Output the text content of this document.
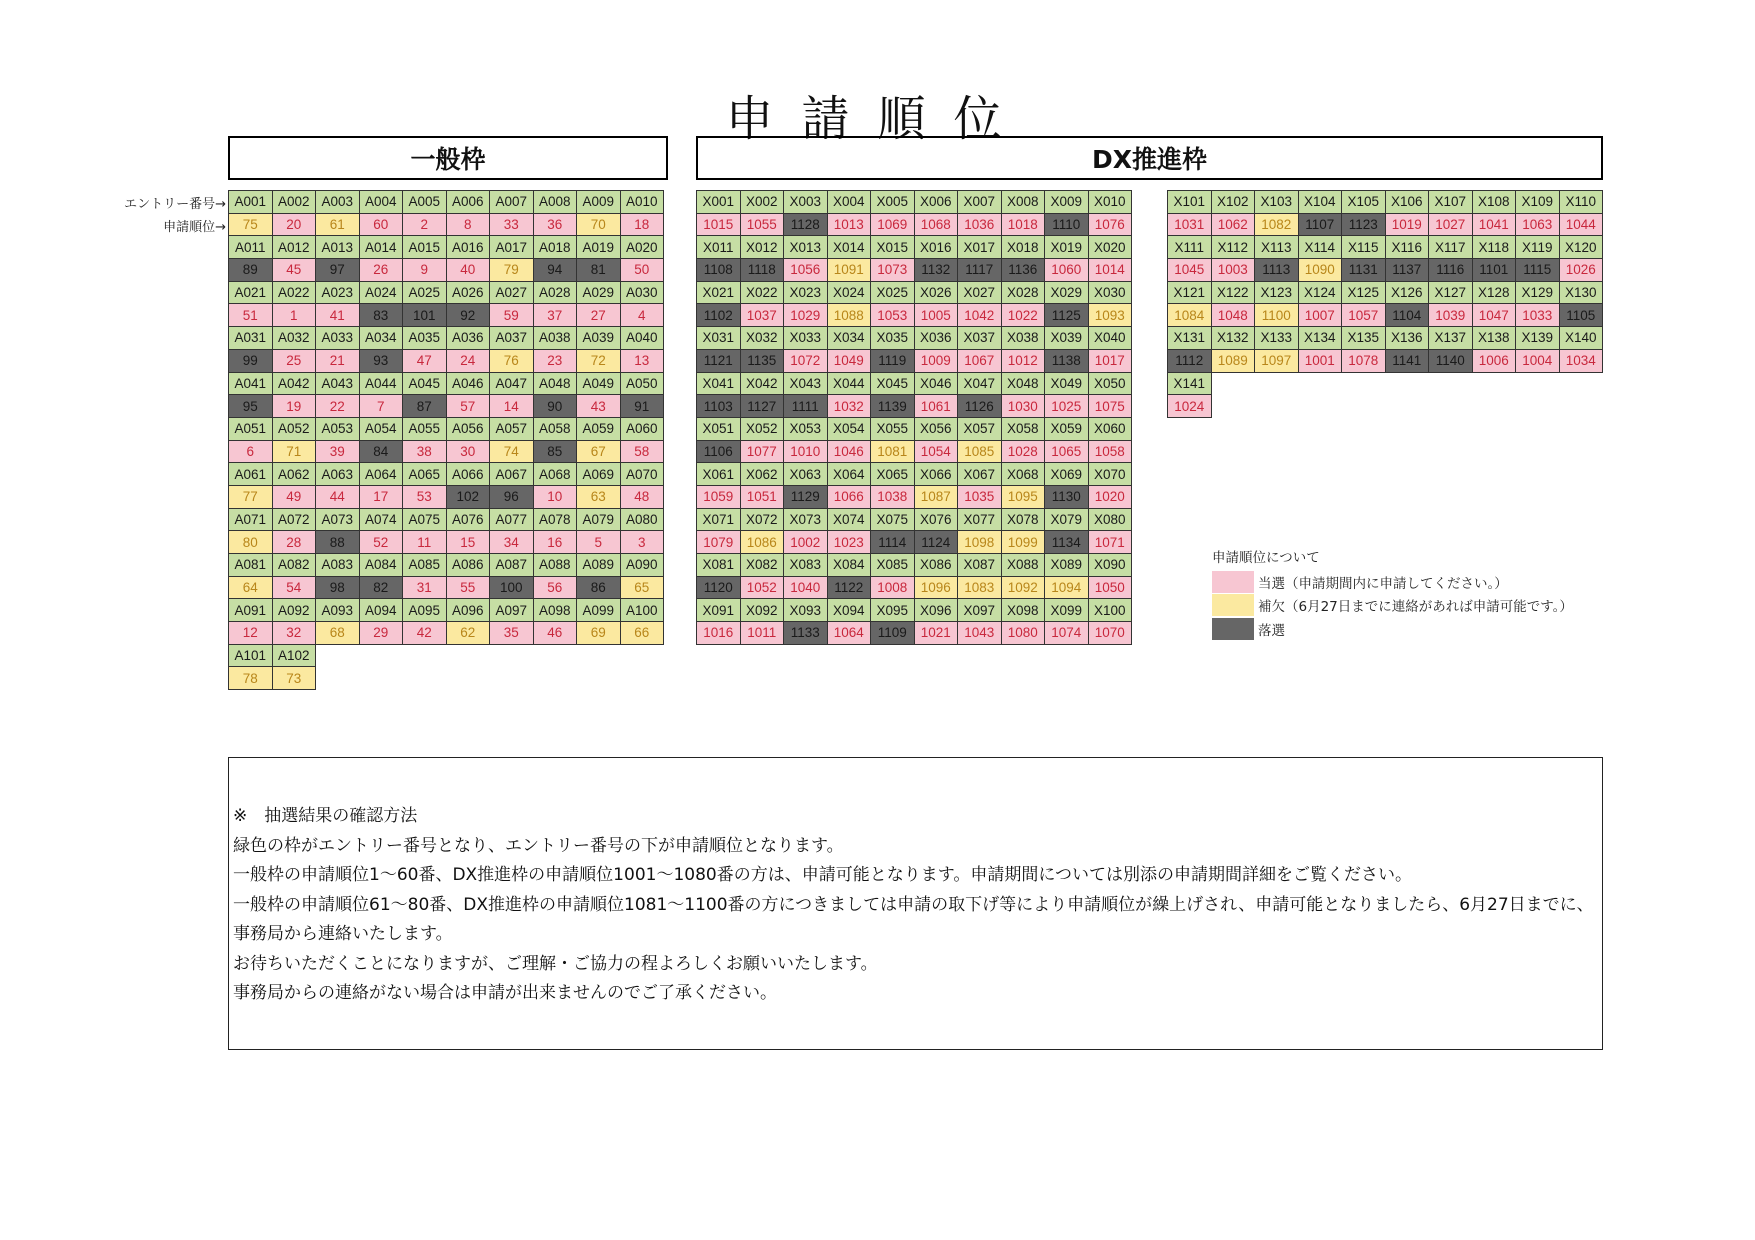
申請順位
一般枠	DX推進枠
エントリー番号→
申請順位→
A001	A002	A003	A004	A005	A006	A007	A008	A009	A010
75	20	61	60	2	8	33	36	70	18
A011	A012	A013	A014	A015	A016	A017	A018	A019	A020
89	45	97	26	9	40	79	94	81	50
A021	A022	A023	A024	A025	A026	A027	A028	A029	A030
51	1	41	83	101	92	59	37	27	4
A031	A032	A033	A034	A035	A036	A037	A038	A039	A040
99	25	21	93	47	24	76	23	72	13
A041	A042	A043	A044	A045	A046	A047	A048	A049	A050
95	19	22	7	87	57	14	90	43	91
A051	A052	A053	A054	A055	A056	A057	A058	A059	A060
6	71	39	84	38	30	74	85	67	58
A061	A062	A063	A064	A065	A066	A067	A068	A069	A070
77	49	44	17	53	102	96	10	63	48
A071	A072	A073	A074	A075	A076	A077	A078	A079	A080
80	28	88	52	11	15	34	16	5	3
A081	A082	A083	A084	A085	A086	A087	A088	A089	A090
64	54	98	82	31	55	100	56	86	65
A091	A092	A093	A094	A095	A096	A097	A098	A099	A100
12	32	68	29	42	62	35	46	69	66
A101	A102								
78	73								
X001	X002	X003	X004	X005	X006	X007	X008	X009	X010
1015	1055	1128	1013	1069	1068	1036	1018	1110	1076
X011	X012	X013	X014	X015	X016	X017	X018	X019	X020
1108	1118	1056	1091	1073	1132	1117	1136	1060	1014
X021	X022	X023	X024	X025	X026	X027	X028	X029	X030
1102	1037	1029	1088	1053	1005	1042	1022	1125	1093
X031	X032	X033	X034	X035	X036	X037	X038	X039	X040
1121	1135	1072	1049	1119	1009	1067	1012	1138	1017
X041	X042	X043	X044	X045	X046	X047	X048	X049	X050
1103	1127	1111	1032	1139	1061	1126	1030	1025	1075
X051	X052	X053	X054	X055	X056	X057	X058	X059	X060
1106	1077	1010	1046	1081	1054	1085	1028	1065	1058
X061	X062	X063	X064	X065	X066	X067	X068	X069	X070
1059	1051	1129	1066	1038	1087	1035	1095	1130	1020
X071	X072	X073	X074	X075	X076	X077	X078	X079	X080
1079	1086	1002	1023	1114	1124	1098	1099	1134	1071
X081	X082	X083	X084	X085	X086	X087	X088	X089	X090
1120	1052	1040	1122	1008	1096	1083	1092	1094	1050
X091	X092	X093	X094	X095	X096	X097	X098	X099	X100
1016	1011	1133	1064	1109	1021	1043	1080	1074	1070
X101	X102	X103	X104	X105	X106	X107	X108	X109	X110
1031	1062	1082	1107	1123	1019	1027	1041	1063	1044
X111	X112	X113	X114	X115	X116	X117	X118	X119	X120
1045	1003	1113	1090	1131	1137	1116	1101	1115	1026
X121	X122	X123	X124	X125	X126	X127	X128	X129	X130
1084	1048	1100	1007	1057	1104	1039	1047	1033	1105
X131	X132	X133	X134	X135	X136	X137	X138	X139	X140
1112	1089	1097	1001	1078	1141	1140	1006	1004	1034
X141									
1024									
申請順位について
当選（申請期間内に申請してください。）
補欠（6月27日までに連絡があれば申請可能です。）
落選

※　抽選結果の確認方法

緑色の枠がエントリー番号となり、エントリー番号の下が申請順位となります。

一般枠の申請順位1～60番、DX推進枠の申請順位1001～1080番の方は、申請可能となります。申請期間については別添の申請期間詳細をご覧ください。

一般枠の申請順位61～80番、DX推進枠の申請順位1081～1100番の方につきましては申請の取下げ等により申請順位が繰上げされ、申請可能となりましたら、6月27日までに、事務局から連絡いたします。

お待ちいただくことになりますが、ご理解・ご協力の程よろしくお願いいたします。

事務局からの連絡がない場合は申請が出来ませんのでご了承ください。
